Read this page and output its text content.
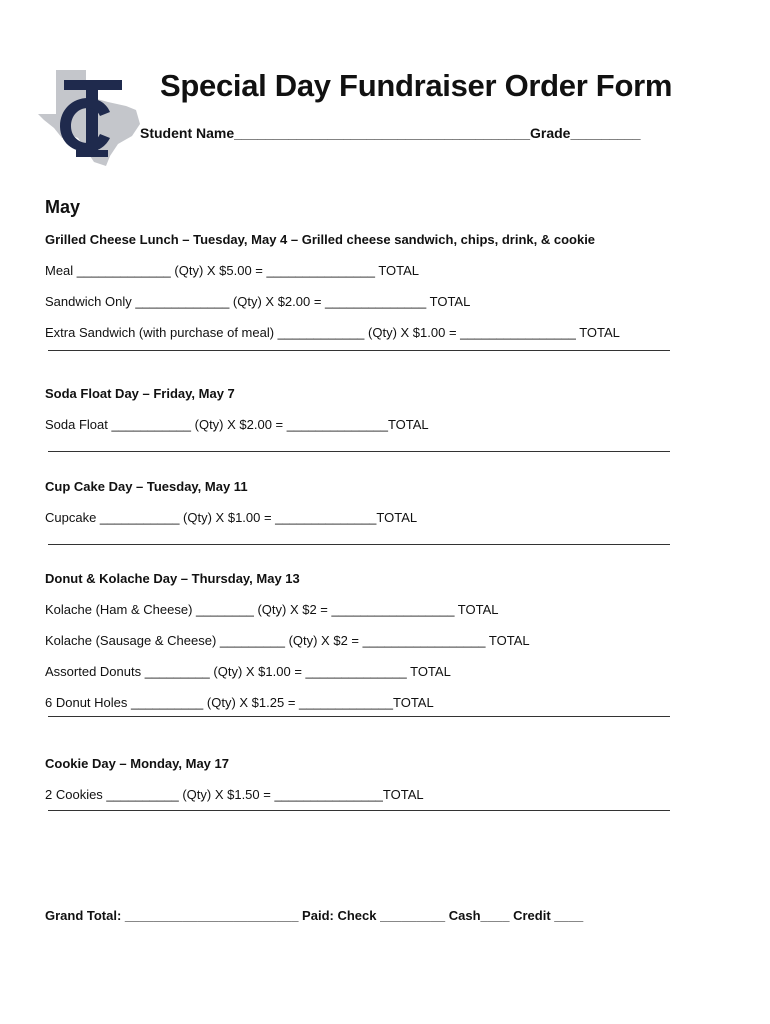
Special Day Fundraiser Order Form
Student Name______________________________________Grade_________
May
Grilled Cheese Lunch – Tuesday, May 4 – Grilled cheese sandwich, chips, drink, & cookie
Meal _____________ (Qty) X $5.00 = _______________ TOTAL
Sandwich Only _____________ (Qty) X $2.00 = ______________ TOTAL
Extra Sandwich (with purchase of meal) ____________ (Qty) X $1.00 = ________________ TOTAL
Soda Float Day – Friday, May 7
Soda Float ___________ (Qty) X $2.00 = ______________TOTAL
Cup Cake Day – Tuesday, May 11
Cupcake ___________ (Qty) X $1.00 = ______________TOTAL
Donut & Kolache Day – Thursday, May 13
Kolache (Ham & Cheese) ________ (Qty) X $2 = _________________ TOTAL
Kolache (Sausage & Cheese) _________ (Qty) X $2 = _________________ TOTAL
Assorted Donuts _________ (Qty) X $1.00 = ______________ TOTAL
6 Donut Holes __________ (Qty) X $1.25 = _____________TOTAL
Cookie Day – Monday, May 17
2 Cookies __________ (Qty) X $1.50 = _______________TOTAL
Grand Total: ________________________ Paid: Check _________ Cash____ Credit ____
